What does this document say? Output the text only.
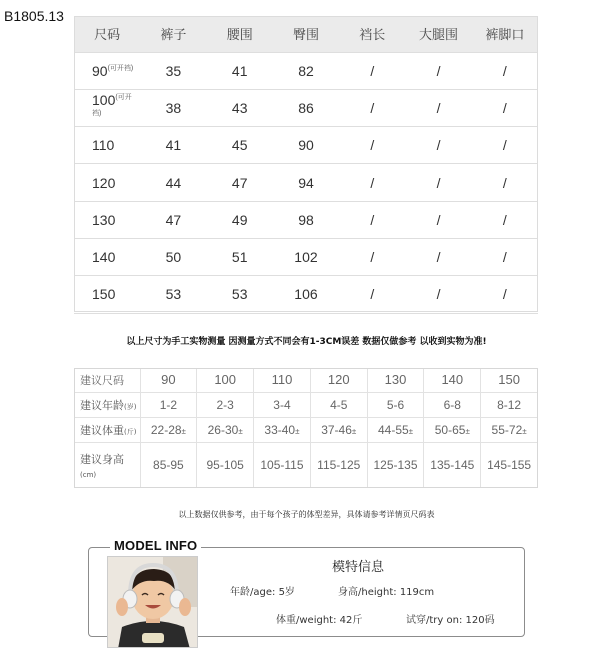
B1805.13
尺码	裤子	腰围	臀围	裆长	大腿围	裤脚口
$90^{(可开裆)}$	35	41	82	/	/	/
$100^{(可开裆)}$	38	43	86	/	/	/
110	41	45	90	/	/	/
120	44	47	94	/	/	/
130	47	49	98	/	/	/
140	50	51	102	/	/	/
150	53	53	106	/	/	/
以上尺寸为手工实物测量 因测量方式不同会有1-3CM误差 数据仅做参考 以收到实物为准!
建议尺码	90	100	110	120	130	140	150
建议年龄(岁)	1-2	2-3	3-4	4-5	5-6	6-8	8-12
建议体重(斤)	22-28±	26-30±	33-40±	37-46±	44-55±	50-65±	55-72±
建议身高(cm)	85-95	95-105	105-115	115-125	125-135	135-145	145-155
以上数据仅供参考，由于每个孩子的体型差异，具体请参考详情页尺码表
MODEL INFO
模特信息
年龄/age: 5岁	身高/height: 119cm
体重/weight: 42斤	试穿/try on: 120码
